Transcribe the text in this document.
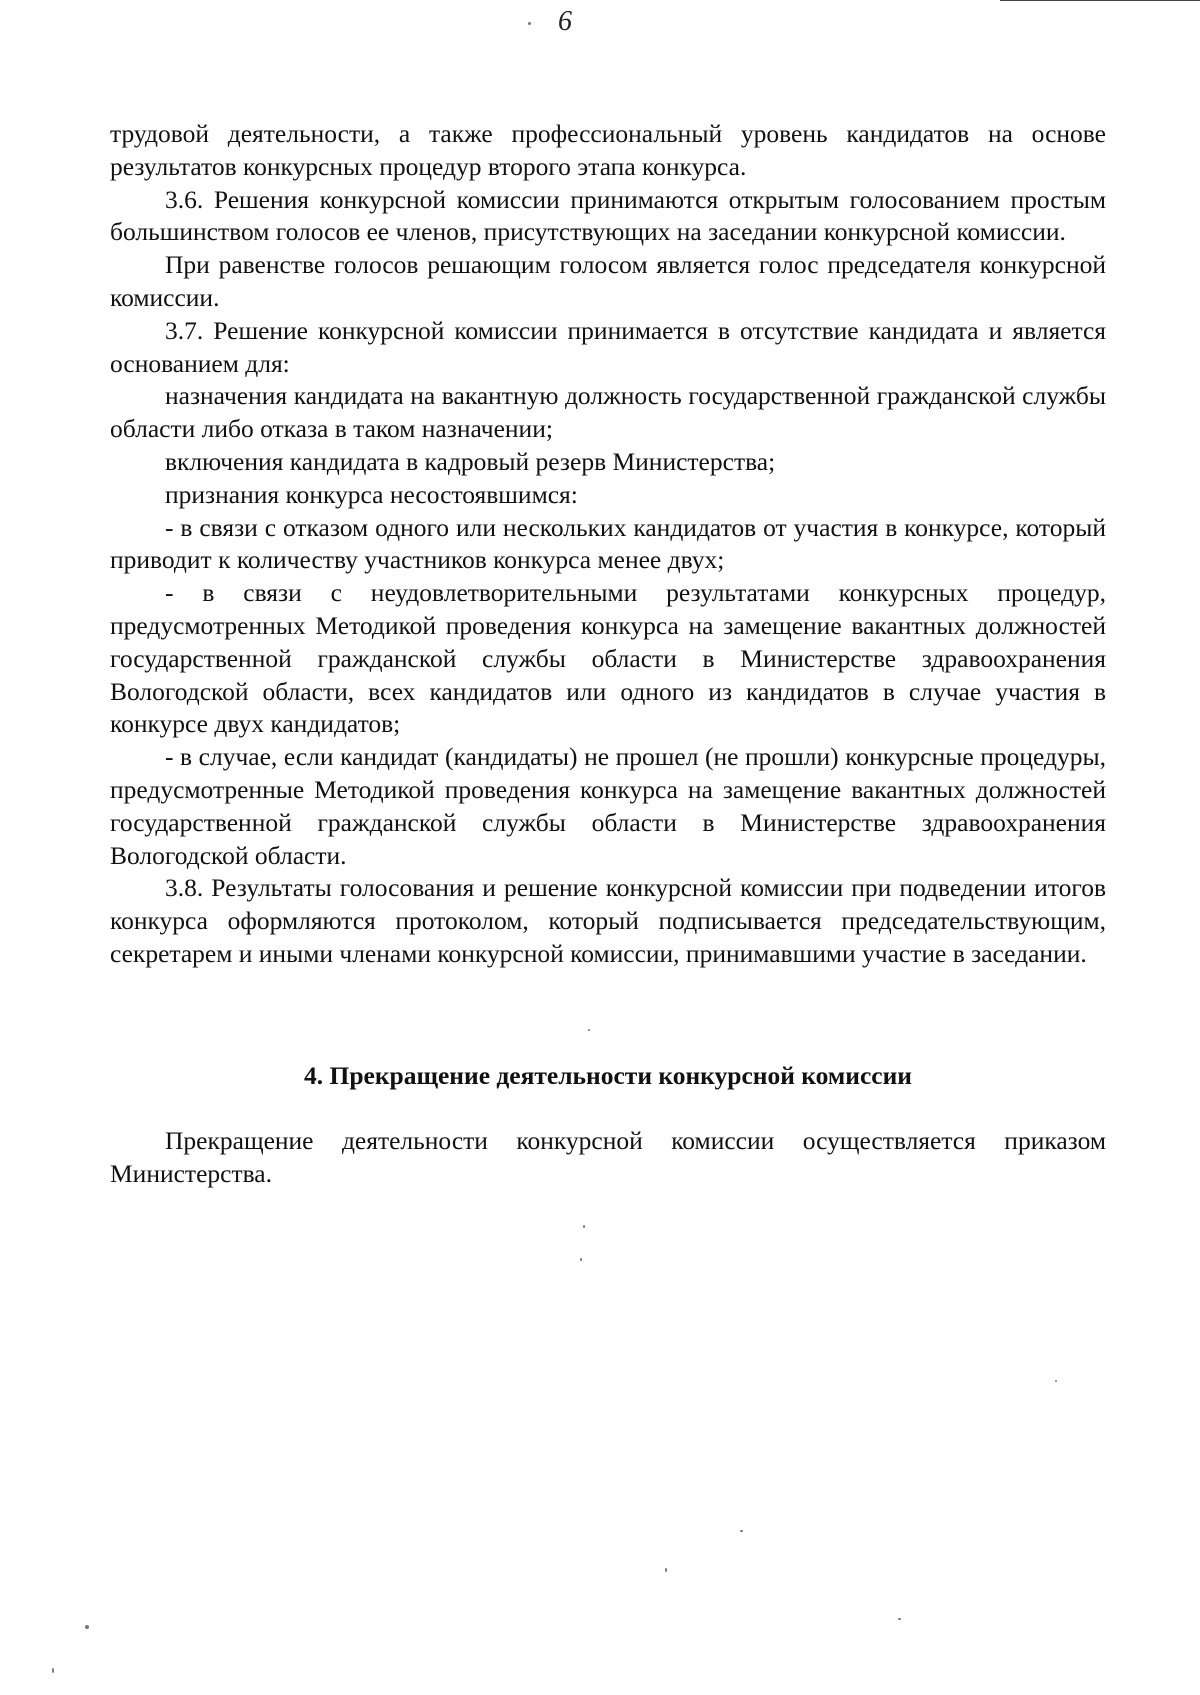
6

трудовой деятельности, а также профессиональный уровень кандидатов на основе результатов конкурсных процедур второго этапа конкурса.

3.6. Решения конкурсной комиссии принимаются открытым голосованием простым большинством голосов ее членов, присутствующих на заседании конкурсной комиссии.

При равенстве голосов решающим голосом является голос председателя конкурсной комиссии.

3.7. Решение конкурсной комиссии принимается в отсутствие кандидата и является основанием для:

назначения кандидата на вакантную должность государственной гражданской службы области либо отказа в таком назначении;

включения кандидата в кадровый резерв Министерства;

признания конкурса несостоявшимся:

- в связи с отказом одного или нескольких кандидатов от участия в конкурсе, который приводит к количеству участников конкурса менее двух;

- в связи с неудовлетворительными результатами конкурсных процедур, предусмотренных Методикой проведения конкурса на замещение вакантных должностей государственной гражданской службы области в Министерстве здравоохранения Вологодской области, всех кандидатов или одного из кандидатов в случае участия в конкурсе двух кандидатов;

- в случае, если кандидат (кандидаты) не прошел (не прошли) конкурсные процедуры, предусмотренные Методикой проведения конкурса на замещение вакантных должностей государственной гражданской службы области в Министерстве здравоохранения Вологодской области.

3.8. Результаты голосования и решение конкурсной комиссии при подведении итогов конкурса оформляются протоколом, который подписывается председательствующим, секретарем и иными членами конкурсной комиссии, принимавшими участие в заседании.

4. Прекращение деятельности конкурсной комиссии

Прекращение деятельности конкурсной комиссии осуществляется приказом Министерства.
